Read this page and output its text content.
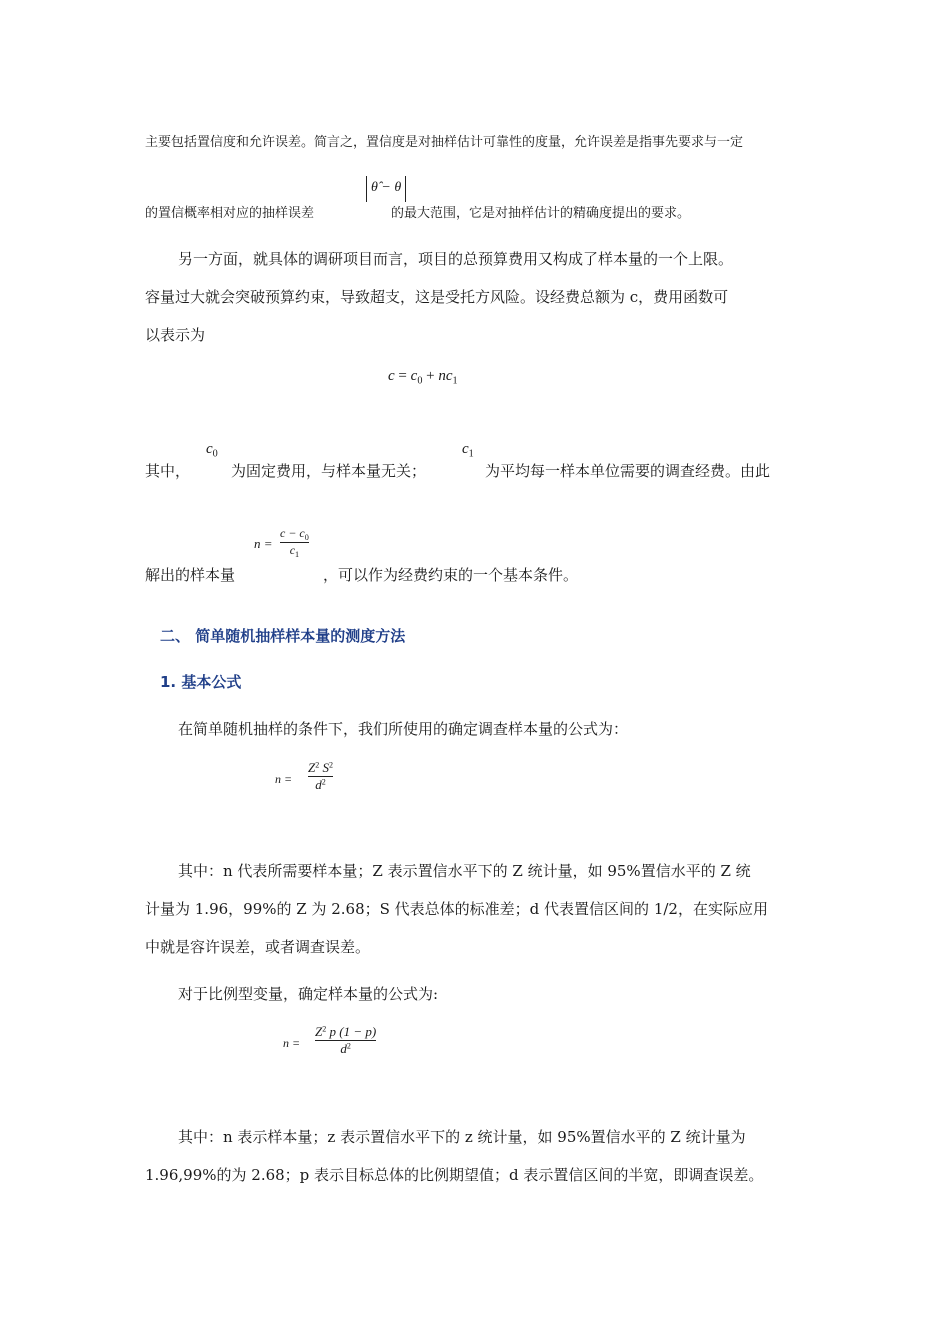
主要包括置信度和允许误差。简言之，置信度是对抽样估计可靠性的度量，允许误差是指事先要求与一定
的置信概率相对应的抽样误差
θ̂ − θ
的最大范围，它是对抽样估计的精确度提出的要求。
另一方面，就具体的调研项目而言，项目的总预算费用又构成了样本量的一个上限。
容量过大就会突破预算约束，导致超支，这是受托方风险。设经费总额为 c，费用函数可
以表示为
$c = c_0 + nc_1$
其中，
$c_0$
为固定费用，与样本量无关；
$c_1$
为平均每一样本单位需要的调查经费。由此
n =
$c - c_0$
$c_1$
解出的样本量	，可以作为经费约束的一个基本条件。
二、 简单随机抽样样本量的测度方法
1. 基本公式
在简单随机抽样的条件下，我们所使用的确定调查样本量的公式为：
n =
$Z^2$ $S^2$
$d^2$
其中：n 代表所需要样本量；Z 表示置信水平下的 Z 统计量，如 95%置信水平的 Z 统
计量为 1.96，99%的 Z 为 2.68；S 代表总体的标准差；d 代表置信区间的 1/2，在实际应用
中就是容许误差，或者调查误差。
对于比例型变量，确定样本量的公式为:
n =
$Z^2$ p (1 − p)
$d^2$
其中：n 表示样本量；z 表示置信水平下的 z 统计量，如 95%置信水平的 Z 统计量为
1.96,99%的为 2.68；p 表示目标总体的比例期望值；d 表示置信区间的半宽，即调查误差。
